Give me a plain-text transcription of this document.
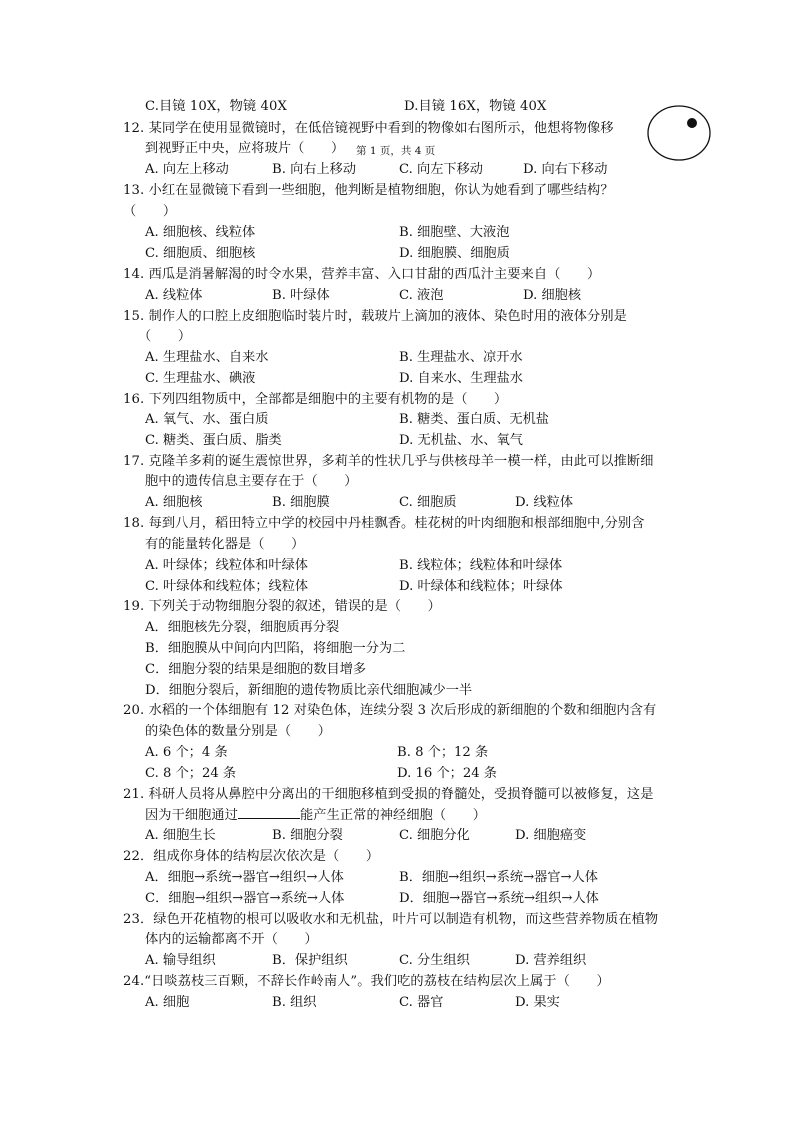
C.目镜 10X，物镜 40X	D.目镜 16X，物镜 40X
12. 某同学在使用显微镜时，在低倍镜视野中看到的物像如右图所示，他想将物像移
到视野正中央，应将玻片（　　） 第 1 页，共 4 页
A. 向左上移动	B. 向右上移动	C. 向左下移动	D. 向右下移动
13. 小红在显微镜下看到一些细胞，他判断是植物细胞，你认为她看到了哪些结构？
（　　）
A. 细胞核、线粒体	B. 细胞壁、大液泡
C. 细胞质、细胞核	D. 细胞膜、细胞质
14. 西瓜是消暑解渴的时令水果，营养丰富、入口甘甜的西瓜汁主要来自（　　）
A. 线粒体	B. 叶绿体	C. 液泡	D. 细胞核
15. 制作人的口腔上皮细胞临时装片时，载玻片上滴加的液体、染色时用的液体分别是
（　　）
A. 生理盐水、自来水	B. 生理盐水、凉开水
C. 生理盐水、碘液	D. 自来水、生理盐水
16. 下列四组物质中，全部都是细胞中的主要有机物的是（　　）
A. 氧气、水、蛋白质	B. 糖类、蛋白质、无机盐
C. 糖类、蛋白质、脂类	D. 无机盐、水、氧气
17. 克隆羊多莉的诞生震惊世界，多莉羊的性状几乎与供核母羊一模一样，由此可以推断细
胞中的遗传信息主要存在于（　　）
A. 细胞核	B. 细胞膜	C. 细胞质	D. 线粒体
18. 每到八月，稻田特立中学的校园中丹桂飘香。桂花树的叶肉细胞和根部细胞中,分别含
有的能量转化器是（　　）
A. 叶绿体；线粒体和叶绿体	B. 线粒体；线粒体和叶绿体
C. 叶绿体和线粒体；线粒体	D. 叶绿体和线粒体；叶绿体
19. 下列关于动物细胞分裂的叙述，错误的是（　　）
A．细胞核先分裂，细胞质再分裂
B．细胞膜从中间向内凹陷，将细胞一分为二
C．细胞分裂的结果是细胞的数目增多
D．细胞分裂后，新细胞的遗传物质比亲代细胞减少一半
20. 水稻的一个体细胞有 12 对染色体，连续分裂 3 次后形成的新细胞的个数和细胞内含有
的染色体的数量分别是（　　）
A. 6 个；4 条	B. 8 个；12 条
C. 8 个；24 条	D. 16 个；24 条
21. 科研人员将从鼻腔中分离出的干细胞移植到受损的脊髓处，受损脊髓可以被修复，这是
因为干细胞通过	能产生正常的神经细胞（　　）
A. 细胞生长	B. 细胞分裂	C. 细胞分化	D. 细胞癌变
22．组成你身体的结构层次依次是（　　）
A．细胞→系统→器官→组织→人体	B．细胞→组织→系统→器官→人体
C．细胞→组织→器官→系统→人体	D．细胞→器官→系统→组织→人体
23．绿色开花植物的根可以吸收水和无机盐，叶片可以制造有机物，而这些营养物质在植物
体内的运输都离不开（　　）
A. 输导组织	B．保护组织	C. 分生组织	D. 营养组织
24.“日啖荔枝三百颗，不辞长作岭南人”。我们吃的荔枝在结构层次上属于（　　）
A. 细胞	B. 组织	C. 器官	D. 果实
